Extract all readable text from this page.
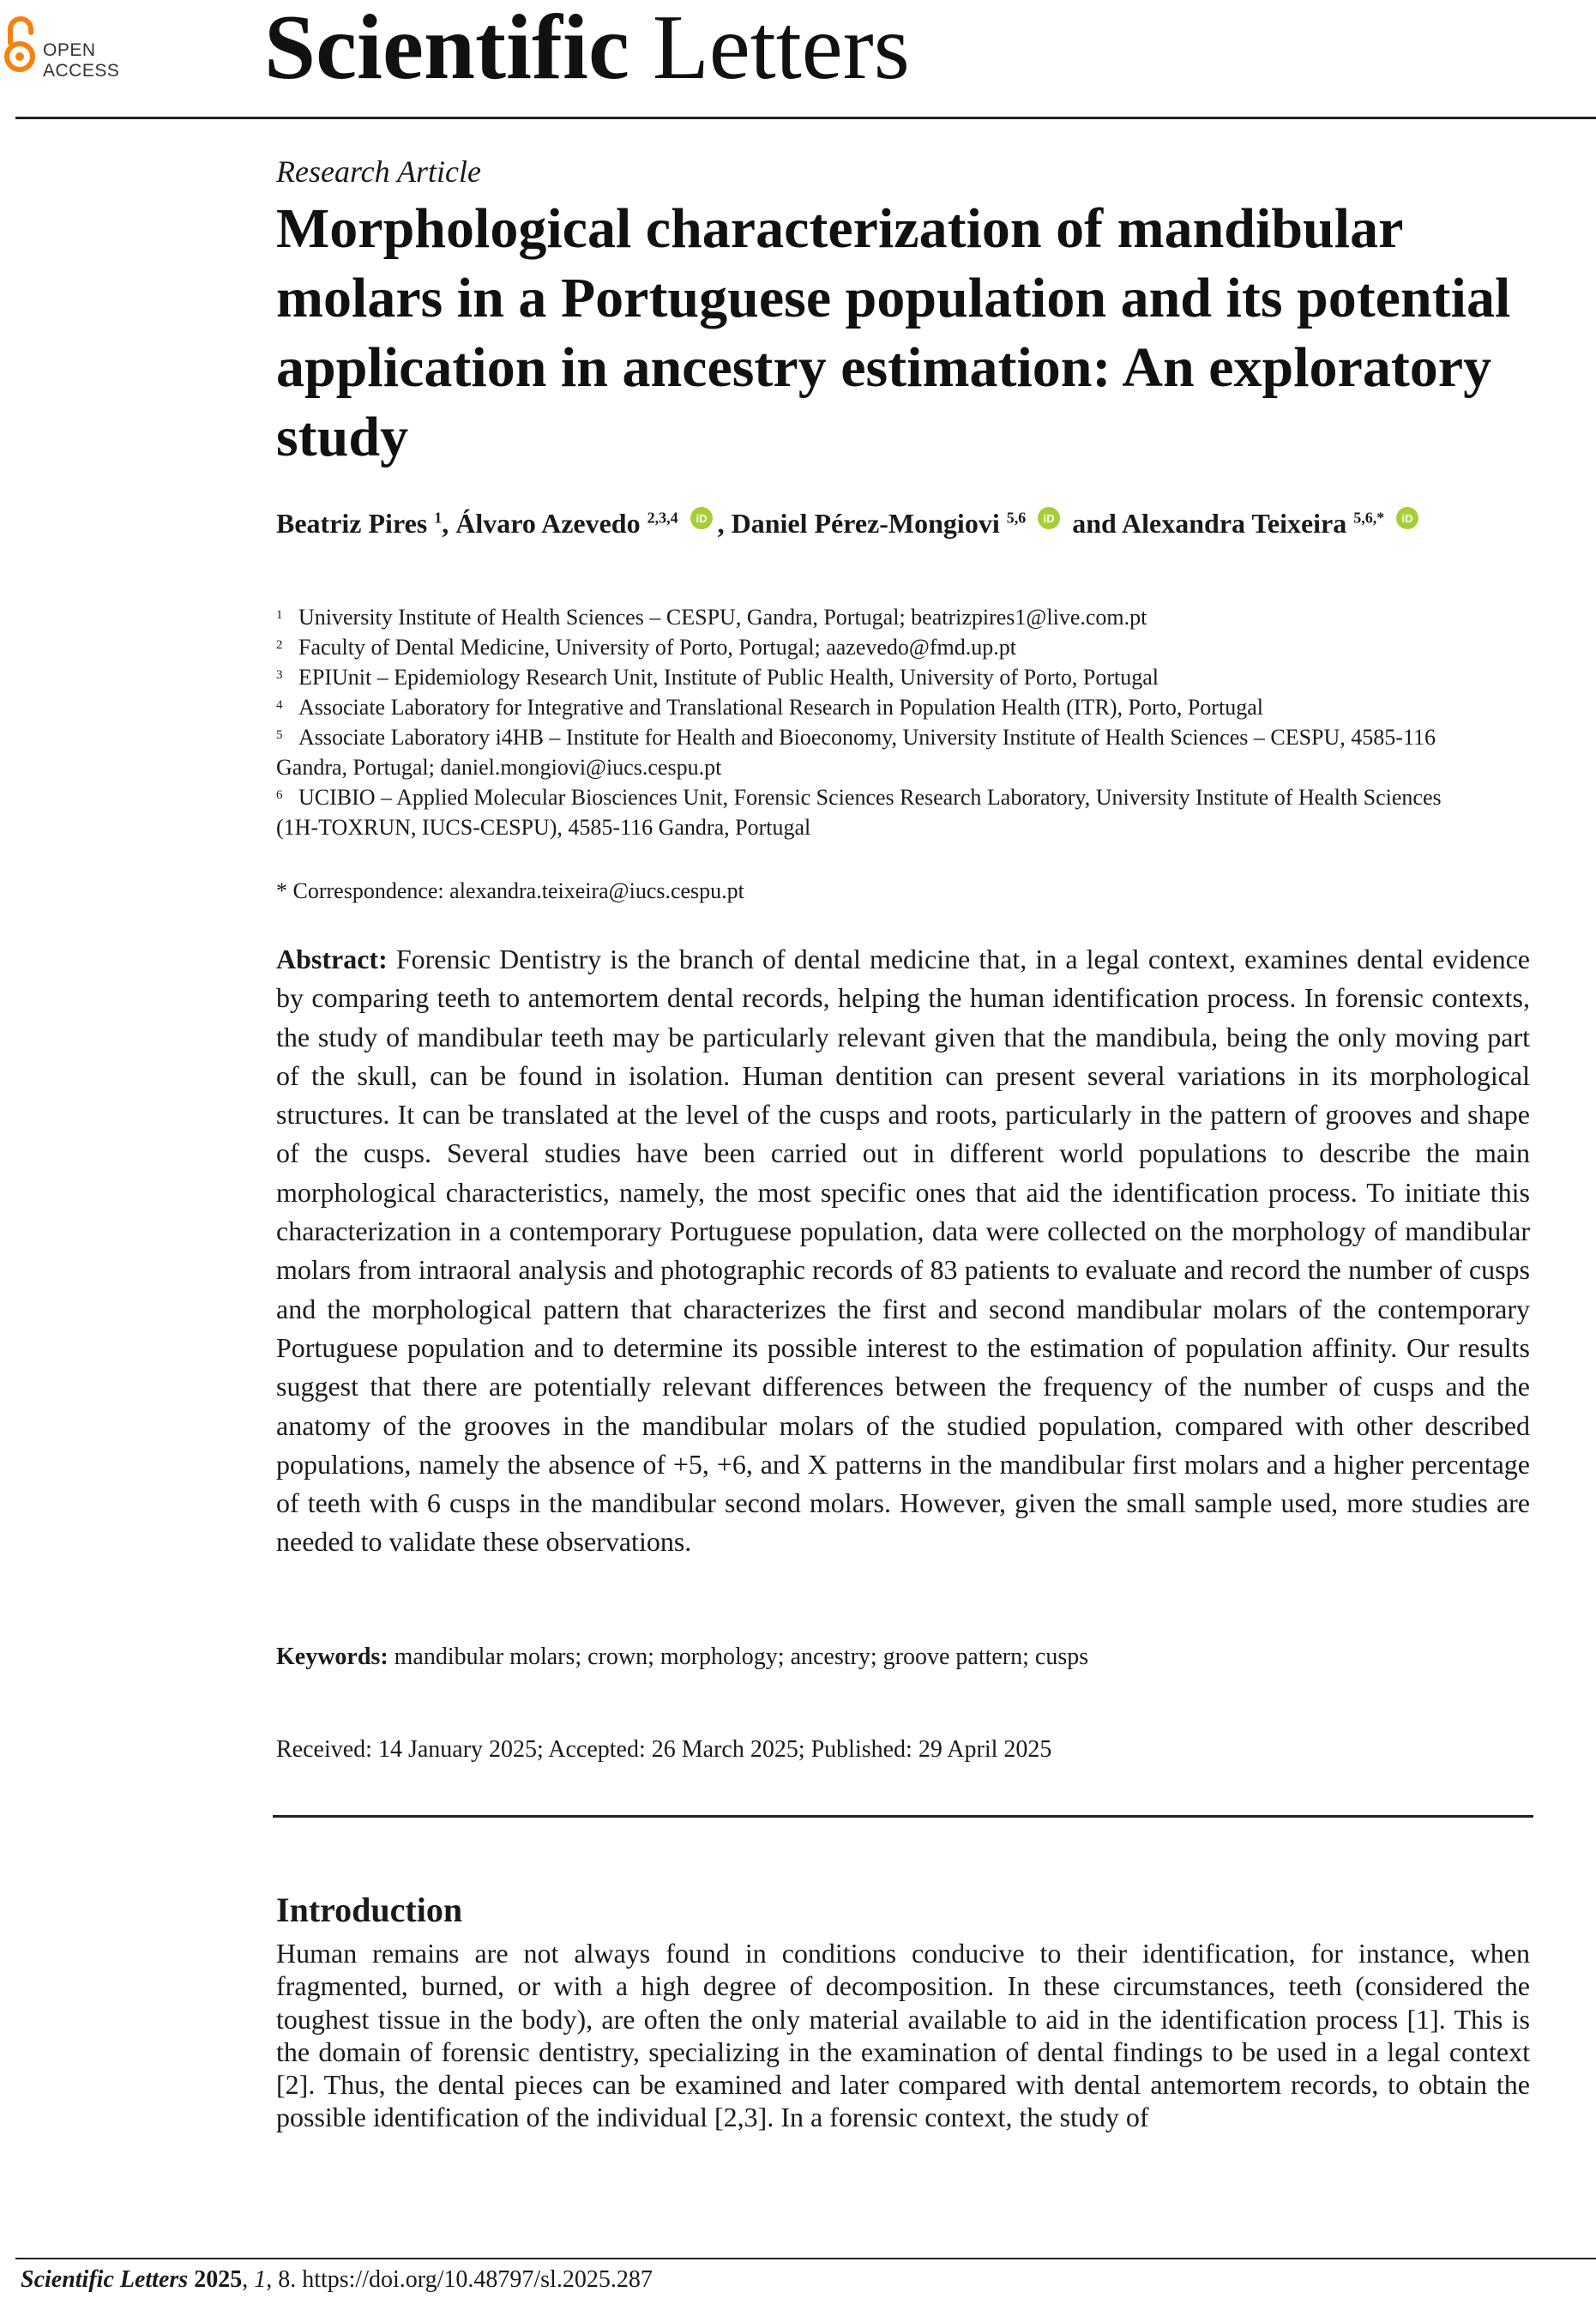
OPEN ACCESS	Scientific Letters
Research Article
Morphological characterization of mandibular molars in a Portuguese population and its potential application in ancestry estimation: An exploratory study
Beatriz Pires $^1$, Álvaro Azevedo $^{2,3,4}$ iD , Daniel Pérez-Mongiovi $^{5,6}$ iD and Alexandra Teixeira $^{5,6,*}$ iD
1 University Institute of Health Sciences – CESPU, Gandra, Portugal; beatrizpires1@live.com.pt
2 Faculty of Dental Medicine, University of Porto, Portugal; aazevedo@fmd.up.pt
3 EPIUnit – Epidemiology Research Unit, Institute of Public Health, University of Porto, Portugal
4 Associate Laboratory for Integrative and Translational Research in Population Health (ITR), Porto, Portugal
5 Associate Laboratory i4HB – Institute for Health and Bioeconomy, University Institute of Health Sciences – CESPU, 4585-116
Gandra, Portugal; daniel.mongiovi@iucs.cespu.pt
6 UCIBIO – Applied Molecular Biosciences Unit, Forensic Sciences Research Laboratory, University Institute of Health Sciences
(1H-TOXRUN, IUCS-CESPU), 4585-116 Gandra, Portugal
* Correspondence: alexandra.teixeira@iucs.cespu.pt
Abstract: Forensic Dentistry is the branch of dental medicine that, in a legal context, examines dental evidence by comparing teeth to antemortem dental records, helping the human identification process. In forensic contexts, the study of mandibular teeth may be particularly relevant given that the mandibula, being the only moving part of the skull, can be found in isolation. Human dentition can present several variations in its morphological structures. It can be translated at the level of the cusps and roots, particularly in the pattern of grooves and shape of the cusps. Several studies have been carried out in different world populations to describe the main morphological characteristics, namely, the most specific ones that aid the identification process. To initiate this characterization in a contemporary Portuguese population, data were collected on the morphology of mandibular molars from intraoral analysis and photographic records of 83 patients to evaluate and record the number of cusps and the morphological pattern that characterizes the first and second mandibular molars of the contemporary Portuguese population and to determine its possible interest to the estimation of population affinity. Our results suggest that there are potentially relevant differences between the frequency of the number of cusps and the anatomy of the grooves in the mandibular molars of the studied population, compared with other described populations, namely the absence of +5, +6, and X patterns in the mandibular first molars and a higher percentage of teeth with 6 cusps in the mandibular second molars. However, given the small sample used, more studies are needed to validate these observations.
Keywords: mandibular molars; crown; morphology; ancestry; groove pattern; cusps
Received: 14 January 2025; Accepted: 26 March 2025; Published: 29 April 2025
Introduction
Human remains are not always found in conditions conducive to their identification, for instance, when fragmented, burned, or with a high degree of decomposition. In these circumstances, teeth (considered the toughest tissue in the body), are often the only material available to aid in the identification process [1]. This is the domain of forensic dentistry, specializing in the examination of dental findings to be used in a legal context [2]. Thus, the dental pieces can be examined and later compared with dental antemortem records, to obtain the possible identification of the individual [2,3]. In a forensic context, the study of
Scientific Letters 2025, 1, 8. https://doi.org/10.48797/sl.2025.287
